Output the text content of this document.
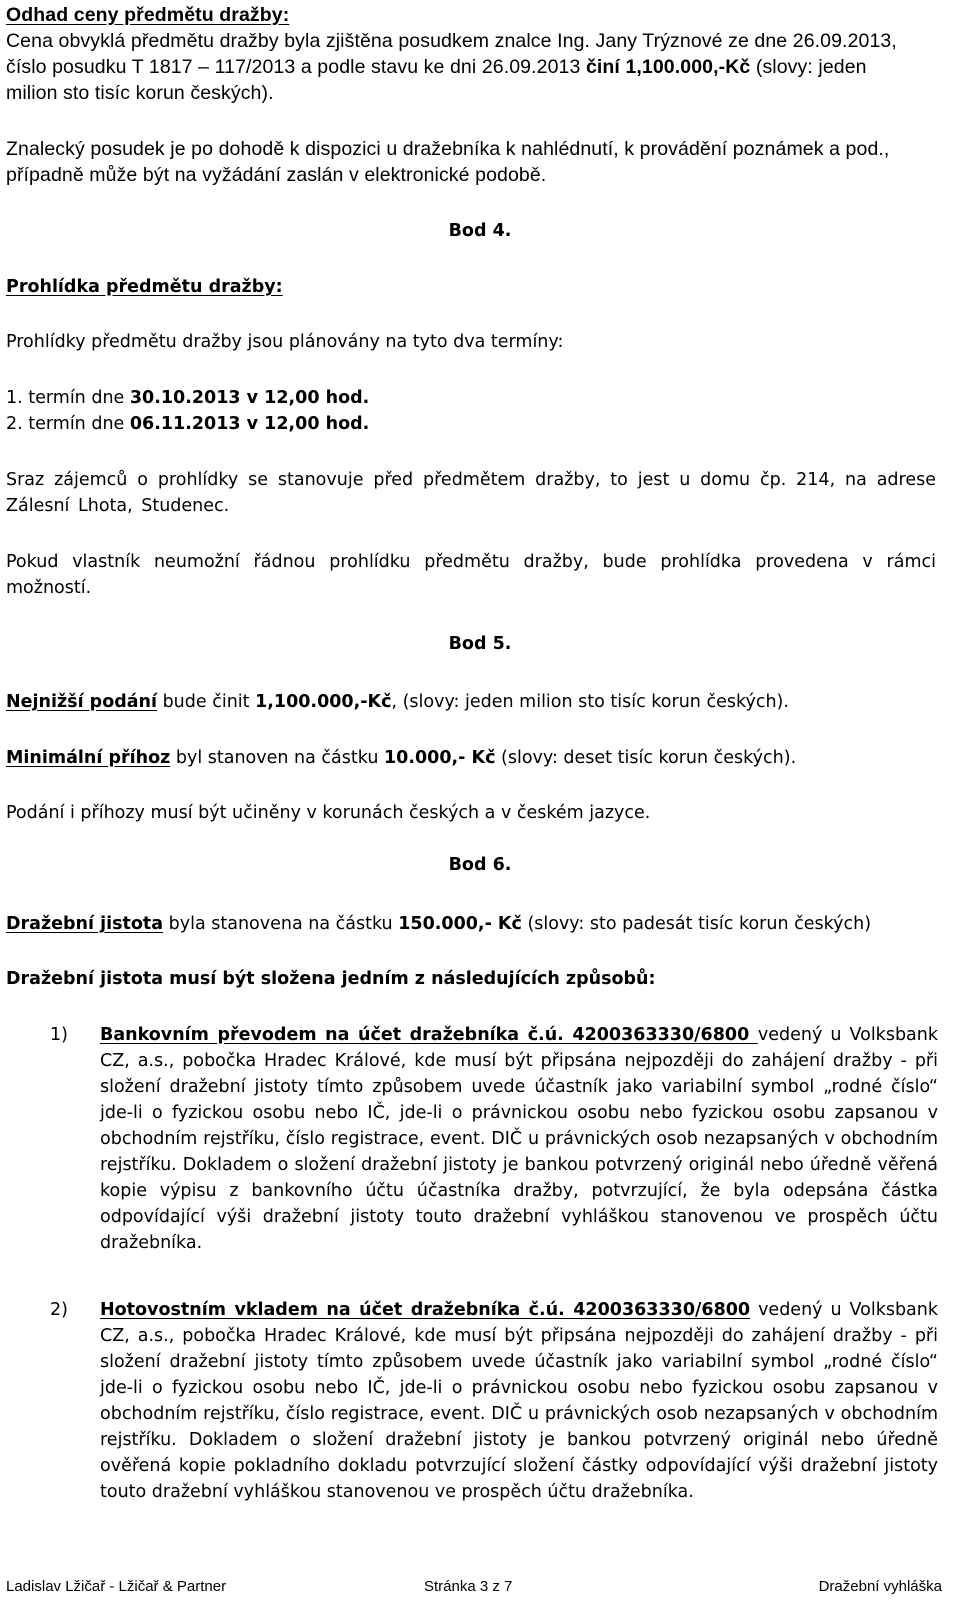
Odhad ceny předmětu dražby:
Cena obvyklá předmětu dražby byla zjištěna posudkem znalce Ing. Jany Trýznové ze dne 26.09.2013,
číslo posudku T 1817 – 117/2013 a podle stavu ke dni 26.09.2013 činí 1,100.000,-Kč (slovy: jeden
milion sto tisíc korun českých).
Znalecký posudek je po dohodě k dispozici u dražebníka k nahlédnutí, k provádění poznámek a pod.,
případně může být na vyžádání zaslán v elektronické podobě.
Bod 4.
Prohlídka předmětu dražby:
Prohlídky předmětu dražby jsou plánovány na tyto dva termíny:
1. termín dne 30.10.2013 v 12,00 hod.
2. termín dne 06.11.2013 v 12,00 hod.
Sraz zájemců o prohlídky se stanovuje před předmětem dražby, to jest u domu čp. 214, na adrese Zálesní Lhota, Studenec.
Pokud vlastník neumožní řádnou prohlídku předmětu dražby, bude prohlídka provedena v rámci možností.
Bod 5.
Nejnižší podání bude činit 1,100.000,-Kč, (slovy: jeden milion sto tisíc korun českých).
Minimální příhoz byl stanoven na částku 10.000,- Kč (slovy: deset tisíc korun českých).
Podání i příhozy musí být učiněny v korunách českých a v českém jazyce.
Bod 6.
Dražební jistota byla stanovena na částku 150.000,- Kč (slovy: sto padesát tisíc korun českých)
Dražební jistota musí být složena jedním z následujících způsobů:
1) Bankovním převodem na účet dražebníka č.ú. 4200363330/6800 vedený u Volksbank CZ, a.s., pobočka Hradec Králové, kde musí být připsána nejpozději do zahájení dražby - při složení dražební jistoty tímto způsobem uvede účastník jako variabilní symbol „rodné číslo“ jde-li o fyzickou osobu nebo IČ, jde-li o právnickou osobu nebo fyzickou osobu zapsanou v obchodním rejstříku, číslo registrace, event. DIČ u právnických osob nezapsaných v obchodním rejstříku. Dokladem o složení dražební jistoty je bankou potvrzený originál nebo úředně věřená kopie výpisu z bankovního účtu účastníka dražby, potvrzující, že byla odepsána částka odpovídající výši dražební jistoty touto dražební vyhláškou stanovenou ve prospěch účtu dražebníka.
2) Hotovostním vkladem na účet dražebníka č.ú. 4200363330/6800 vedený u Volksbank CZ, a.s., pobočka Hradec Králové, kde musí být připsána nejpozději do zahájení dražby - při složení dražební jistoty tímto způsobem uvede účastník jako variabilní symbol „rodné číslo“ jde-li o fyzickou osobu nebo IČ, jde-li o právnickou osobu nebo fyzickou osobu zapsanou v obchodním rejstříku, číslo registrace, event. DIČ u právnických osob nezapsaných v obchodním rejstříku. Dokladem o složení dražební jistoty je bankou potvrzený originál nebo úředně ověřená kopie pokladního dokladu potvrzující složení částky odpovídající výši dražební jistoty touto dražební vyhláškou stanovenou ve prospěch účtu dražebníka.
Ladislav Lžičař - Lžičař & Partner	Stránka 3 z 7	Dražební vyhláška
